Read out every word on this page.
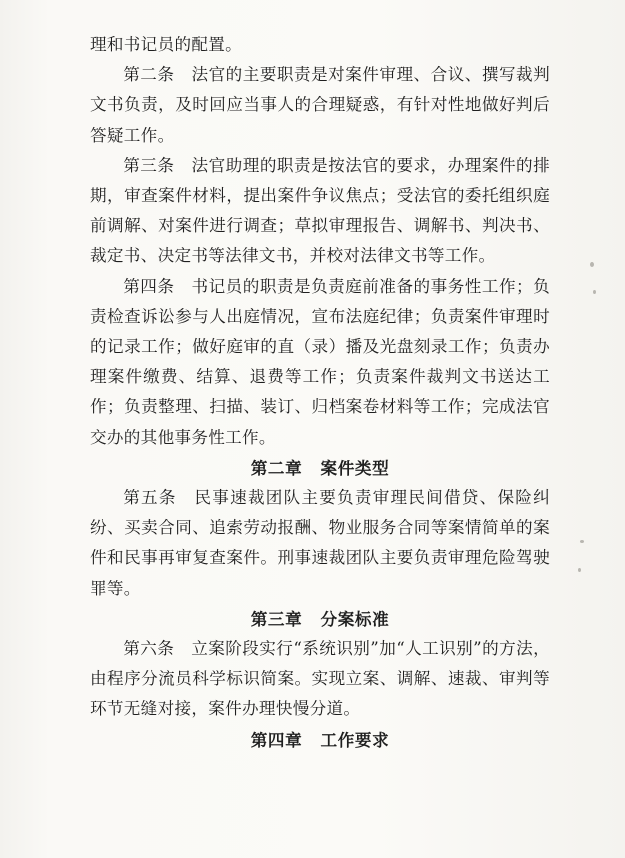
理和书记员的配置。

第二条　法官的主要职责是对案件审理、合议、撰写裁判文书负责，及时回应当事人的合理疑惑，有针对性地做好判后答疑工作。

第三条　法官助理的职责是按法官的要求，办理案件的排期，审查案件材料，提出案件争议焦点；受法官的委托组织庭前调解、对案件进行调查；草拟审理报告、调解书、判决书、裁定书、决定书等法律文书，并校对法律文书等工作。

第四条　书记员的职责是负责庭前准备的事务性工作；负责检查诉讼参与人出庭情况，宣布法庭纪律；负责案件审理时的记录工作；做好庭审的直（录）播及光盘刻录工作；负责办理案件缴费、结算、退费等工作；负责案件裁判文书送达工作；负责整理、扫描、装订、归档案卷材料等工作；完成法官交办的其他事务性工作。

第二章 案件类型

第五条　民事速裁团队主要负责审理民间借贷、保险纠纷、买卖合同、追索劳动报酬、物业服务合同等案情简单的案件和民事再审复查案件。刑事速裁团队主要负责审理危险驾驶罪等。

第三章 分案标准

第六条　立案阶段实行“系统识别”加“人工识别”的方法，由程序分流员科学标识简案。实现立案、调解、速裁、审判等环节无缝对接，案件办理快慢分道。

第四章 工作要求
